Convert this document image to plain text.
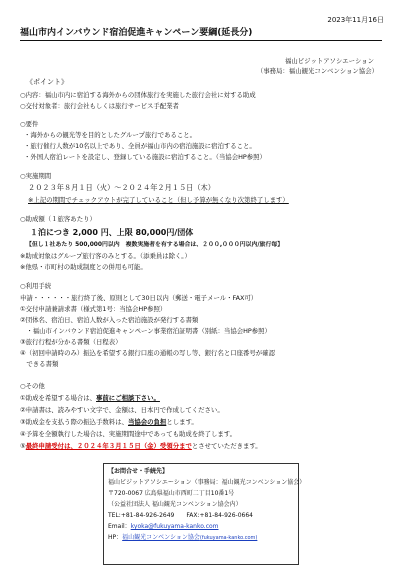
2023年11月16日
福山市内インバウンド宿泊促進キャンペーン要綱(延長分)
福山ビジットアソシエーション
（事務局：福山観光コンベンション協会）
《ポイント》
○内容：福山市内に宿泊する海外からの団体旅行を実施した旅行会社に対する助成
○交付対象者：旅行会社もしくは旅行サービス手配業者
○要件
・海外からの観光等を目的としたグループ旅行であること。
・旅行催行人数が10名以上であり、全員が福山市内の宿泊施設に宿泊すること。
・外国人宿泊レートを設定し、登録している施設に宿泊すること。（当協会HP参照）
○実施期間
２０２３年８月１日（火）〜２０２４年２月１５日（木）
※上記の期間でチェックアウトが完了していること（但し予算が無くなり次第終了します）
○助成額（１旅客あたり）
１泊につき 2,000 円、上限 80,000円/団体
【但し１社あたり 500,000円以内　複数実施者を有する場合は、２００,０００円以内/旅行毎】
※助成対象はグループ旅行客のみとする。（添乗員は除く。）
※他県・市町村の助成制度との併用も可能。
○利用手続
申請・・・・・・旅行終了後、原則として30日以内（郵送・電子メール・FAX可）
①交付申請兼請求書（様式第1号：当協会HP参照）
②団体名、宿泊日、宿泊人数が入った宿泊施設が発行する書類
　・福山市インバウンド宿泊促進キャンペーン事業宿泊証明書（別紙：当協会HP参照）
③旅行行程が分かる書類（日程表）
④（初回申請時のみ）振込を希望する銀行口座の通帳の写し等、銀行名と口座番号が確認
　できる書類
○その他
①助成を希望する場合は、事前にご相談下さい。
②申請書は、読みやすい文字で、金額は、日本円で作成してください。
③助成金を支払う際の振込手数料は、当協会の負担とします。
④予算を全額執行した場合は、実施期間途中であっても助成を終了します。
⑤最終申請受付は、２０２４年３月１５日（金）受領分までとさせていただきます。
【お問合せ・手続先】
福山ビジットアソシエーション（事務局：福山観光コンベンション協会）
〒720-0067 広島県福山市西町二丁目10番1号
（公益社団法人 福山観光コンベンション協会内）
TEL:+81-84-926-2649　　FAX:+81-84-926-0664
Email：kyoka@fukuyama-kanko.com
HP：福山観光コンベンション協会(fukuyama-kanko.com)
